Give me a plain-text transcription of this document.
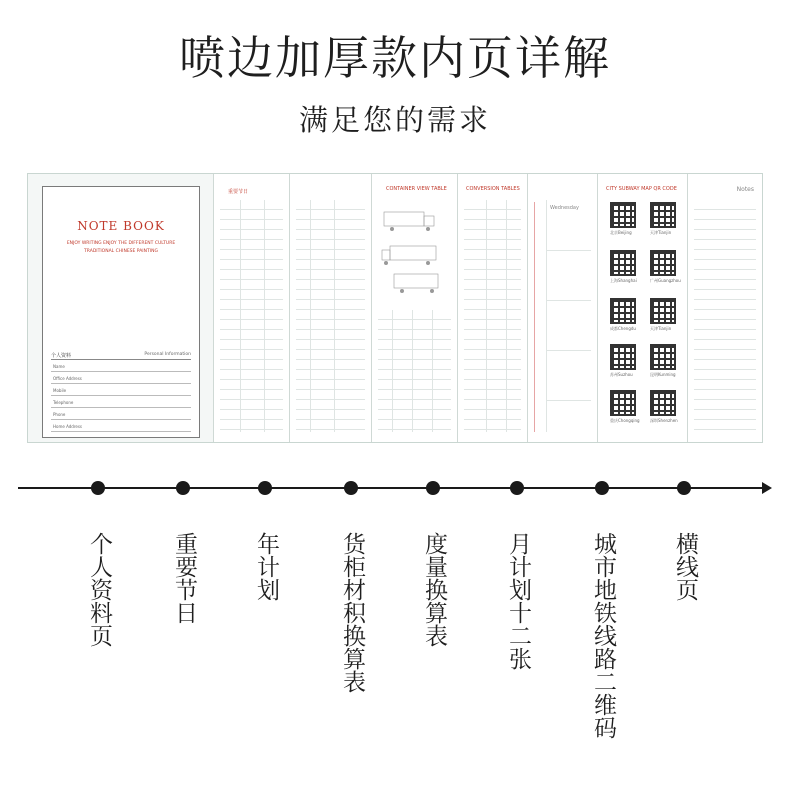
喷边加厚款内页详解
满足您的需求
NOTE BOOK
ENJOY WRITING ENJOY THE DIFFERENT CULTURE
TRADITIONAL CHINESE PAINTING
个人资料	Personal Information
Name
Office Address
Mobile
Telephone
Phone
Home Address
重要节日	CONTAINER VIEW TABLE	CONVERSION TABLES
Wednesday
CITY SUBWAY MAP QR CODE
北京Beijing	天津Tianjin
上海Shanghai	广州Guangzhou
成都Chengdu	天津Tianjin
苏州Suzhou	昆明Kunming
重庆Chongqing	深圳Shenzhen
Notes
个人资料页	重要节日 年计划	货柜材积换算表 度量换算表	月计划十二张	城市地铁线路二维码 横线页
